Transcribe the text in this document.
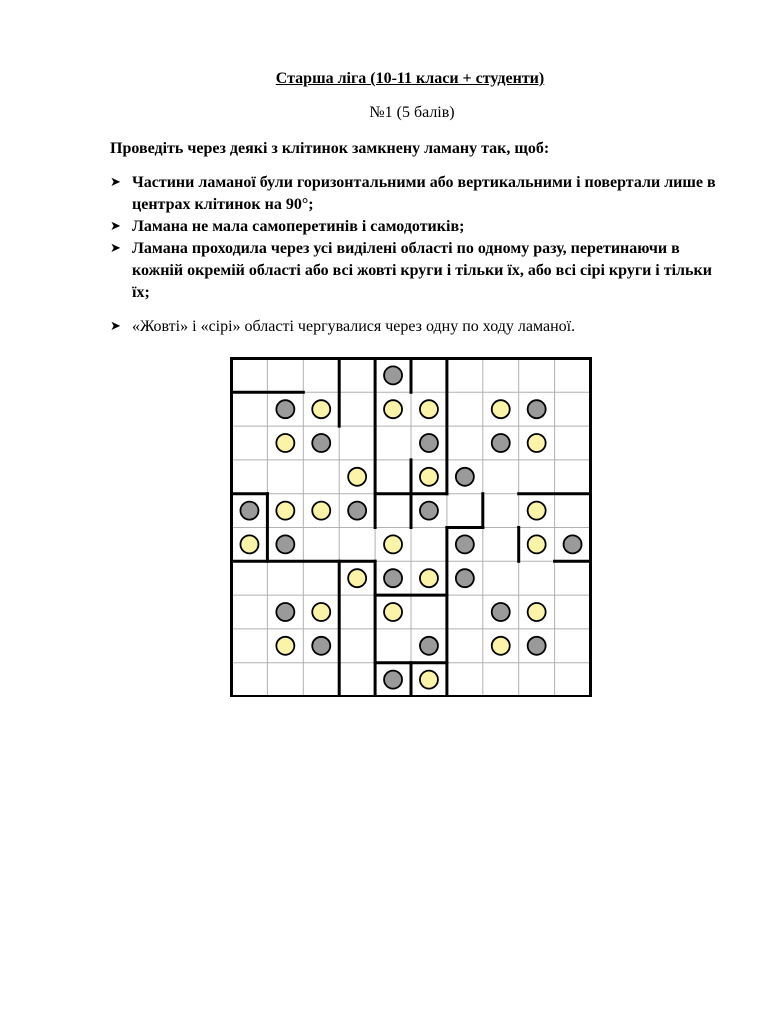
Старша ліга (10-11 класи + студенти)
№1 (5 балів)
Проведіть через деякі з клітинок замкнену ламану так, щоб:
➤ Частини ламаної були горизонтальними або вертикальними і повертали лише в центрах клітинок на 90°;
➤ Ламана не мала самоперетинів і самодотиків;
➤ Ламана проходила через усі виділені області по одному разу, перетинаючи в кожній окремій області або всі жовті круги і тільки їх, або всі сірі круги і тільки їх;
➤ «Жовті» і «сірі» області чергувалися через одну по ходу ламаної.
